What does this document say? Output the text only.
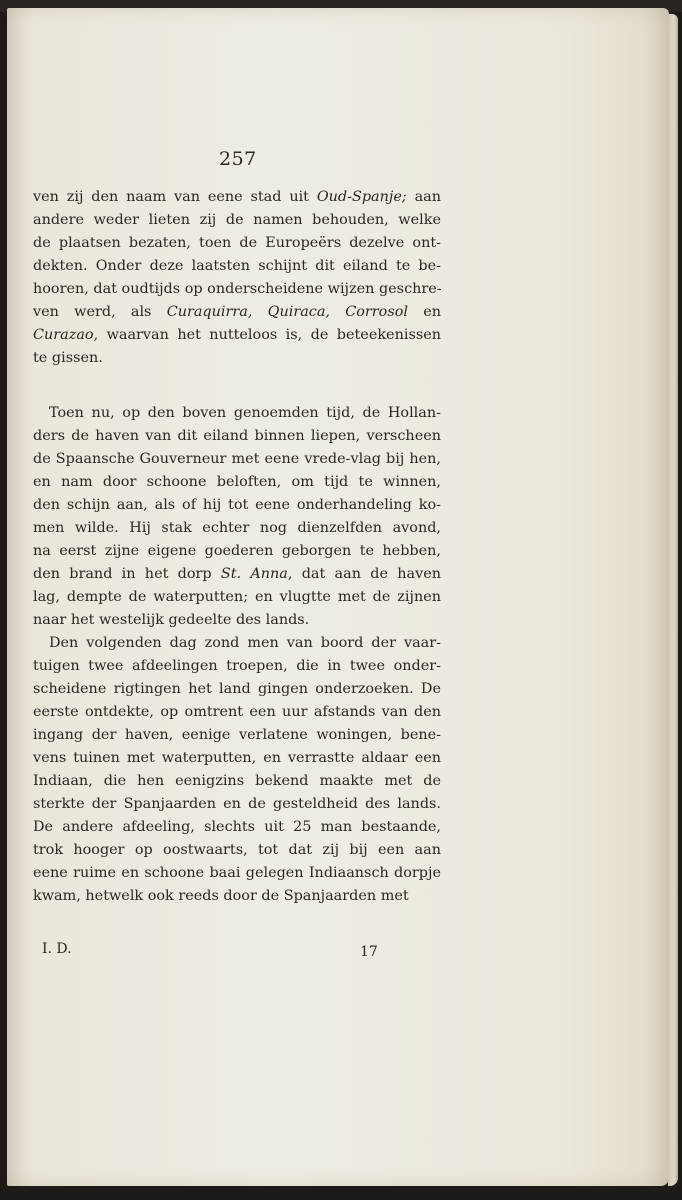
257
ven zij den naam van eene stad uit Oud-Spanje; aan
andere weder lieten zij de namen behouden, welke
de plaatsen bezaten, toen de Europeërs dezelve ont-
dekten. Onder deze laatsten schijnt dit eiland te be-
hooren, dat oudtijds op onderscheidene wijzen geschre-
ven werd, als Curaquirra, Quiraca, Corrosol en
Curazao, waarvan het nutteloos is, de beteekenissen
te gissen.
Toen nu, op den boven genoemden tijd, de Hollan-
ders de haven van dit eiland binnen liepen, verscheen
de Spaansche Gouverneur met eene vrede-vlag bij hen,
en nam door schoone beloften, om tijd te winnen,
den schijn aan, als of hij tot eene onderhandeling ko-
men wilde. Hij stak echter nog dienzelfden avond,
na eerst zijne eigene goederen geborgen te hebben,
den brand in het dorp St. Anna, dat aan de haven
lag, dempte de waterputten; en vlugtte met de zijnen
naar het westelijk gedeelte des lands.
Den volgenden dag zond men van boord der vaar-
tuigen twee afdeelingen troepen, die in twee onder-
scheidene rigtingen het land gingen onderzoeken. De
eerste ontdekte, op omtrent een uur afstands van den
ingang der haven, eenige verlatene woningen, bene-
vens tuinen met waterputten, en verrastte aldaar een
Indiaan, die hen eenigzins bekend maakte met de
sterkte der Spanjaarden en de gesteldheid des lands.
De andere afdeeling, slechts uit 25 man bestaande,
trok hooger op oostwaarts, tot dat zij bij een aan
eene ruime en schoone baai gelegen Indiaansch dorpje
kwam, hetwelk ook reeds door de Spanjaarden met
I. D.	17
